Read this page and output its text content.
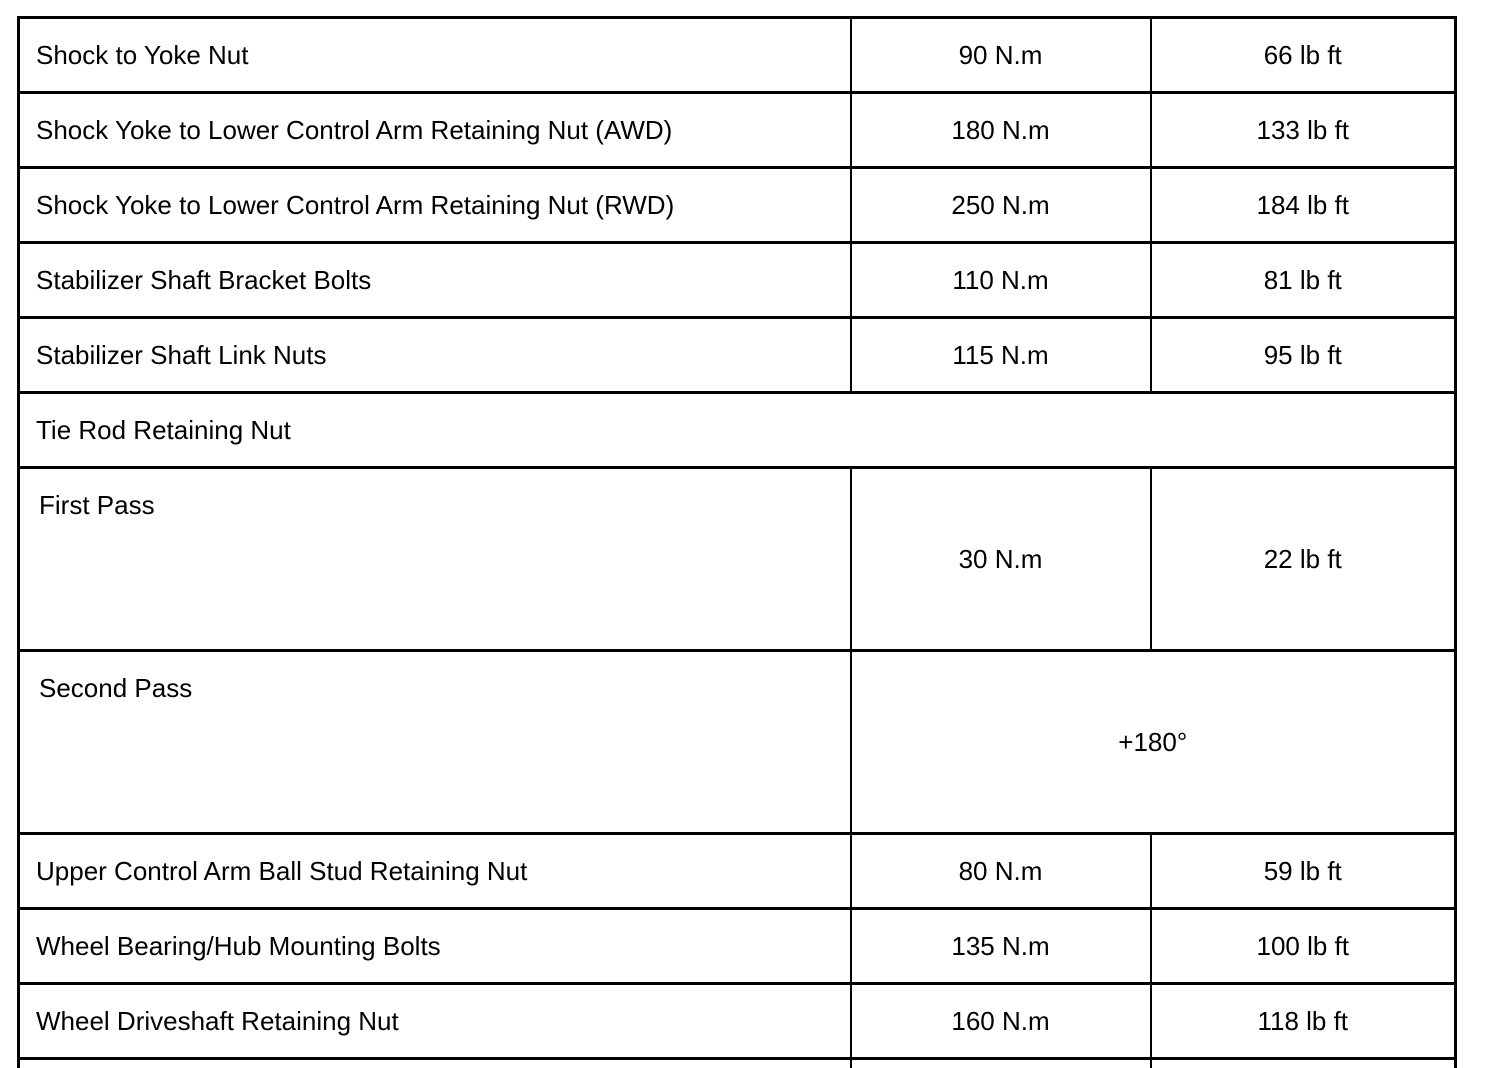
Shock to Yoke Nut	90 N.m	66 lb ft
Shock Yoke to Lower Control Arm Retaining Nut (AWD)	180 N.m	133 lb ft
Shock Yoke to Lower Control Arm Retaining Nut (RWD)	250 N.m	184 lb ft
Stabilizer Shaft Bracket Bolts	110 N.m	81 lb ft
Stabilizer Shaft Link Nuts	115 N.m	95 lb ft
Tie Rod Retaining Nut		
First Pass	30 N.m	22 lb ft
Second Pass	+180°	
Upper Control Arm Ball Stud Retaining Nut	80 N.m	59 lb ft
Wheel Bearing/Hub Mounting Bolts	135 N.m	100 lb ft
Wheel Driveshaft Retaining Nut	160 N.m	118 lb ft
